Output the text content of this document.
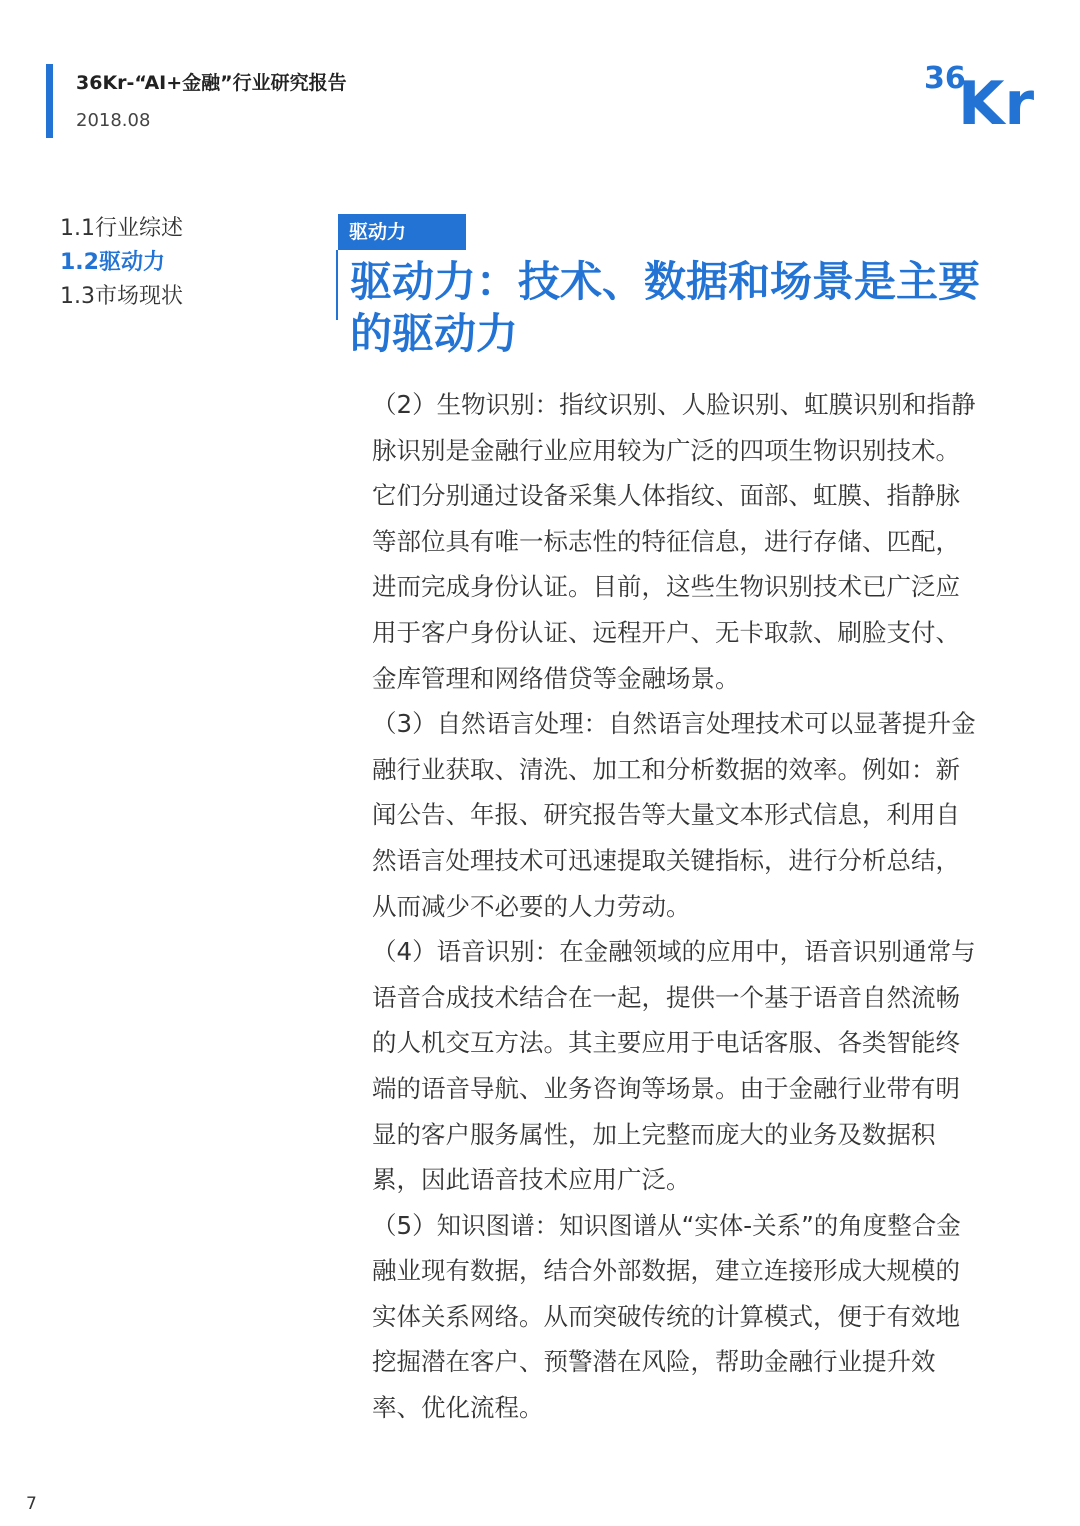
36Kr-“AI+金融”行业研究报告
2018.08
36
Kr
1.1行业综述
1.2驱动力
1.3市场现状
驱动力
驱动力：技术、数据和场景是主要的驱动力

（2）生物识别：指纹识别、人脸识别、虹膜识别和指静脉识别是金融行业应用较为广泛的四项生物识别技术。它们分别通过设备采集人体指纹、面部、虹膜、指静脉等部位具有唯一标志性的特征信息，进行存储、匹配，进而完成身份认证。目前，这些生物识别技术已广泛应用于客户身份认证、远程开户、无卡取款、刷脸支付、金库管理和网络借贷等金融场景。

（3）自然语言处理：自然语言处理技术可以显著提升金融行业获取、清洗、加工和分析数据的效率。例如：新闻公告、年报、研究报告等大量文本形式信息，利用自然语言处理技术可迅速提取关键指标，进行分析总结，从而减少不必要的人力劳动。

（4）语音识别：在金融领域的应用中，语音识别通常与语音合成技术结合在一起，提供一个基于语音自然流畅的人机交互方法。其主要应用于电话客服、各类智能终端的语音导航、业务咨询等场景。由于金融行业带有明显的客户服务属性，加上完整而庞大的业务及数据积累，因此语音技术应用广泛。

（5）知识图谱：知识图谱从“实体-关系”的角度整合金融业现有数据，结合外部数据，建立连接形成大规模的实体关系网络。从而突破传统的计算模式，便于有效地挖掘潜在客户、预警潜在风险，帮助金融行业提升效率、优化流程。

7
